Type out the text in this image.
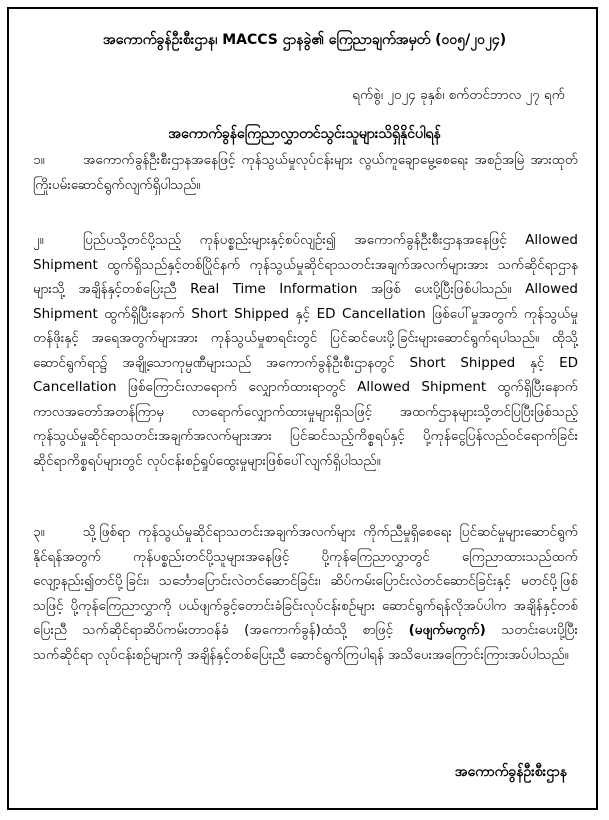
အကောက်ခွန်ဦးစီးဌာန၊ MACCS ဌာနခွဲ၏ ကြေညာချက်အမှတ် (၀၀၅/၂၀၂၄)
ရက်စွဲ၊ ၂၀၂၄ ခုနှစ်၊ စက်တင်ဘာလ ၂၇ ရက်
အကောက်ခွန်ကြေညာလွှာတင်သွင်းသူများသိရှိနိုင်ပါရန်
၁။	အကောက်ခွန်ဦးစီးဌာနအနေဖြင့် ကုန်သွယ်မှုလုပ်ငန်းများ လွယ်ကူချောမွေ့စေရေး အစဉ်အမြဲ အားထုတ်ကြိုးပမ်းဆောင်ရွက်လျက်ရှိပါသည်။
၂။	ပြည်ပသို့တင်ပို့သည့် ကုန်ပစ္စည်းများနှင့်စပ်လျဉ်း၍ အကောက်ခွန်ဦးစီးဌာနအနေဖြင့် Allowed Shipment ထွက်ရှိသည်နှင့်တစ်ပြိုင်နက် ကုန်သွယ်မှုဆိုင်ရာသတင်းအချက်အလက်များအား သက်ဆိုင်ရာဌာနများသို့ အချိန်နှင့်တစ်ပြေးညီ Real Time Information အဖြစ် ပေးပို့ပြီးဖြစ်ပါသည်။ Allowed Shipment ထွက်ရှိပြီးနောက် Short Shipped နှင့် ED Cancellation ဖြစ်ပေါ်မှုအတွက် ကုန်သွယ်မှုတန်ဖိုးနှင့် အရေအတွက်များအား ကုန်သွယ်မှုစာရင်းတွင် ပြင်ဆင်ပေးပို့ခြင်းများဆောင်ရွက်ရပါသည်။ ထိုသို့ဆောင်ရွက်ရာ၌ အချို့သောကုမ္ပဏီများသည် အကောက်ခွန်ဦးစီးဌာနတွင် Short Shipped နှင့် ED Cancellation ဖြစ်ကြောင်းလာရောက် လျှောက်ထားရာတွင် Allowed Shipment ထွက်ရှိပြီးနောက် ကာလအတော်အတန်ကြာမှ လာရောက်လျှောက်ထားမှုများရှိသဖြင့် အထက်ဌာနများသို့တင်ပြပြီးဖြစ်သည့် ကုန်သွယ်မှုဆိုင်ရာသတင်းအချက်အလက်များအား ပြင်ဆင်သည့်ကိစ္စရပ်နှင့် ပို့ကုန်ငွေပြန်လည်ဝင်ရောက်ခြင်းဆိုင်ရာကိစ္စရပ်များတွင် လုပ်ငန်းစဉ်ရှုပ်ထွေးမှုများဖြစ်ပေါ်လျက်ရှိပါသည်။
၃။	သို့ဖြစ်ရာ ကုန်သွယ်မှုဆိုင်ရာသတင်းအချက်အလက်များ ကိုက်ညီမှုရှိစေရေး ပြင်ဆင်မှုများဆောင်ရွက်နိုင်ရန်အတွက် ကုန်ပစ္စည်းတင်ပို့သူများအနေဖြင့် ပို့ကုန်ကြေညာလွှာတွင် ကြေညာထားသည်ထက် လျော့နည်း၍တင်ပို့ခြင်း၊ သင်္ဘောပြောင်းလဲတင်ဆောင်ခြင်း၊ ဆိပ်ကမ်းပြောင်းလဲတင်ဆောင်ခြင်းနှင့် မတင်ပို့ဖြစ်သဖြင့် ပို့ကုန်ကြေညာလွှာကို ပယ်ဖျက်ခွင့်တောင်းခံခြင်းလုပ်ငန်းစဉ်များ ဆောင်ရွက်ရန်လိုအပ်ပါက အချိန်နှင့်တစ်ပြေးညီ သက်ဆိုင်ရာဆိပ်ကမ်းတာဝန်ခံ (အကောက်ခွန်)ထံသို့ စာဖြင့် (မဖျက်မကွက်) သတင်းပေးပို့ပြီး သက်ဆိုင်ရာ လုပ်ငန်းစဉ်များကို အချိန်နှင့်တစ်ပြေးညီ ဆောင်ရွက်ကြပါရန် အသိပေးအကြောင်းကြားအပ်ပါသည်။
အကောက်ခွန်ဦးစီးဌာန
